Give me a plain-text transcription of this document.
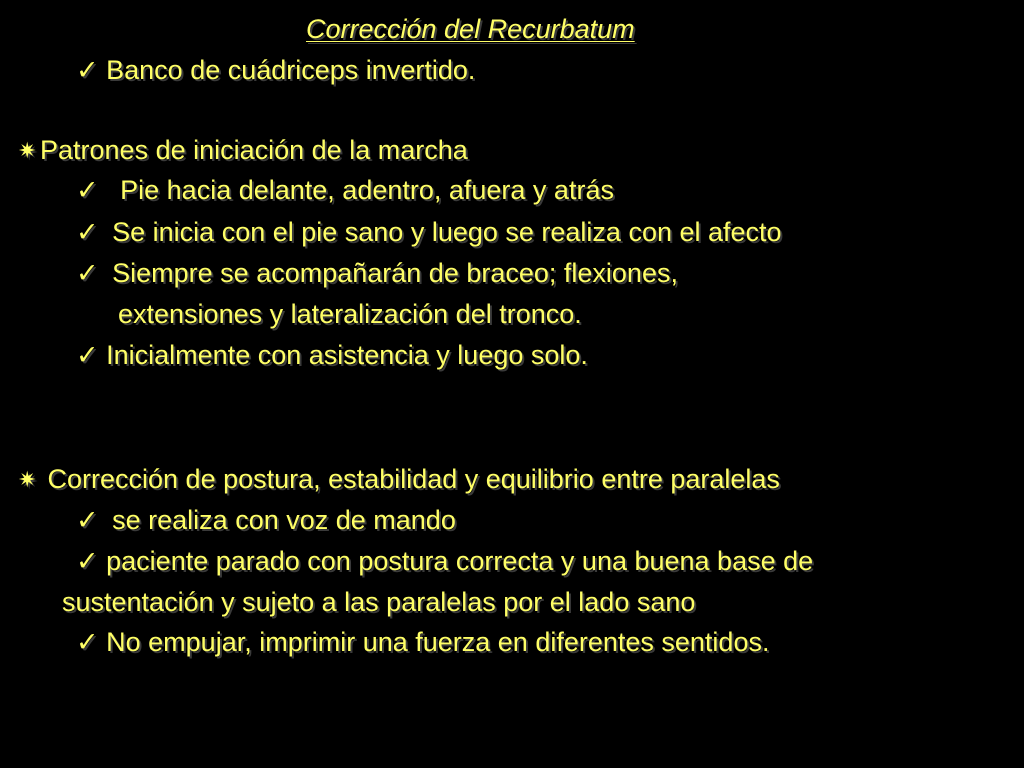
Corrección del Recurbatum
✓ Banco de cuádriceps invertido.
✷ Patrones de iniciación de la marcha
✓ Pie hacia delante, adentro, afuera y atrás
✓ Se inicia con el pie sano y luego se realiza con el afecto
✓ Siempre se acompañarán de braceo; flexiones,
extensiones y lateralización del tronco.
✓ Inicialmente con asistencia y luego solo.
✷ Corrección de postura, estabilidad y equilibrio entre paralelas
✓ se realiza con voz de mando
✓ paciente parado con postura correcta y una buena base de
sustentación y sujeto a las paralelas por el lado sano
✓ No empujar, imprimir una fuerza en diferentes sentidos.
